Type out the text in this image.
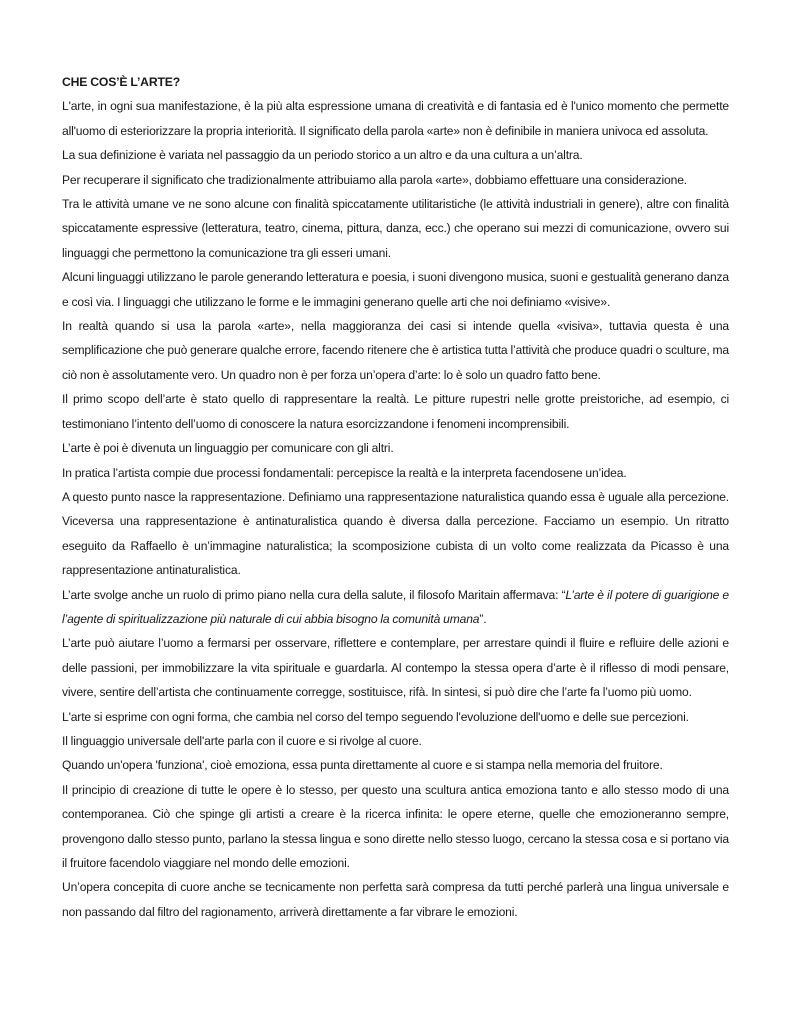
CHE COS’È L’ARTE?

L'arte, in ogni sua manifestazione, è la più alta espressione umana di creatività e di fantasia ed è l'unico momento che permette all'uomo di esteriorizzare la propria interiorità. Il significato della parola «arte» non è definibile in maniera univoca ed assoluta.

La sua definizione è variata nel passaggio da un periodo storico a un altro e da una cultura a un’altra.

Per recuperare il significato che tradizionalmente attribuiamo alla parola «arte», dobbiamo effettuare una considerazione.

Tra le attività umane ve ne sono alcune con finalità spiccatamente utilitaristiche (le attività industriali in genere), altre con finalità spiccatamente espressive (letteratura, teatro, cinema, pittura, danza, ecc.) che operano sui mezzi di comunicazione, ovvero sui linguaggi che permettono la comunicazione tra gli esseri umani.

Alcuni linguaggi utilizzano le parole generando letteratura e poesia, i suoni divengono musica, suoni e gestualità generano danza e così via. I linguaggi che utilizzano le forme e le immagini generano quelle arti che noi definiamo «visive».

In realtà quando si usa la parola «arte», nella maggioranza dei casi si intende quella «visiva», tuttavia questa è una semplificazione che può generare qualche errore, facendo ritenere che è artistica tutta l’attività che produce quadri o sculture, ma ciò non è assolutamente vero. Un quadro non è per forza un’opera d’arte: lo è solo un quadro fatto bene.

Il primo scopo dell’arte è stato quello di rappresentare la realtà. Le pitture rupestri nelle grotte preistoriche, ad esempio, ci testimoniano l’intento dell’uomo di conoscere la natura esorcizzandone i fenomeni incomprensibili.

L’arte è poi è divenuta un linguaggio per comunicare con gli altri.

In pratica l’artista compie due processi fondamentali: percepisce la realtà e la interpreta facendosene un’idea.

A questo punto nasce la rappresentazione. Definiamo una rappresentazione naturalistica quando essa è uguale alla percezione. Viceversa una rappresentazione è antinaturalistica quando è diversa dalla percezione. Facciamo un esempio. Un ritratto eseguito da Raffaello è un’immagine naturalistica; la scomposizione cubista di un volto come realizzata da Picasso è una rappresentazione antinaturalistica.

L’arte svolge anche un ruolo di primo piano nella cura della salute, il filosofo Maritain affermava: “L’arte è il potere di guarigione e l’agente di spiritualizzazione più naturale di cui abbia bisogno la comunità umana”.

L’arte può aiutare l’uomo a fermarsi per osservare, riflettere e contemplare, per arrestare quindi il fluire e refluire delle azioni e delle passioni, per immobilizzare la vita spirituale e guardarla. Al contempo la stessa opera d’arte è il riflesso di modi pensare, vivere, sentire dell’artista che continuamente corregge, sostituisce, rifà. In sintesi, si può dire che l’arte fa l’uomo più uomo.

L'arte si esprime con ogni forma, che cambia nel corso del tempo seguendo l'evoluzione dell'uomo e delle sue percezioni.

Il linguaggio universale dell'arte parla con il cuore e si rivolge al cuore.

Quando un'opera 'funziona', cioè emoziona, essa punta direttamente al cuore e si stampa nella memoria del fruitore.

Il principio di creazione di tutte le opere è lo stesso, per questo una scultura antica emoziona tanto e allo stesso modo di una contemporanea. Ciò che spinge gli artisti a creare è la ricerca infinita: le opere eterne, quelle che emozioneranno sempre, provengono dallo stesso punto, parlano la stessa lingua e sono dirette nello stesso luogo, cercano la stessa cosa e si portano via il fruitore facendolo viaggiare nel mondo delle emozioni.

Un’opera concepita di cuore anche se tecnicamente non perfetta sarà compresa da tutti perché parlerà una lingua universale e non passando dal filtro del ragionamento, arriverà direttamente a far vibrare le emozioni.
